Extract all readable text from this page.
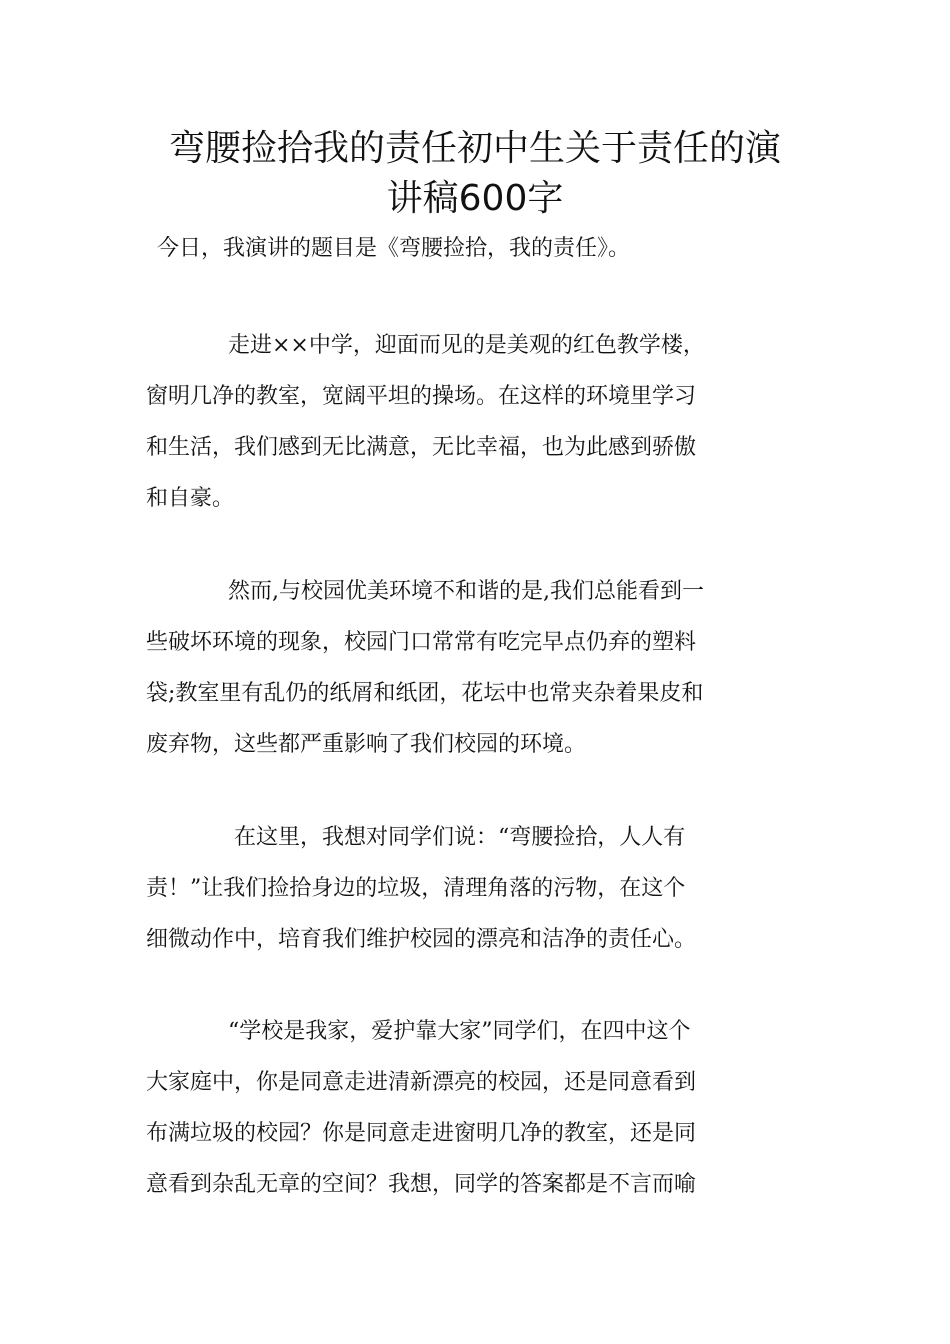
弯腰捡拾我的责任初中生关于责任的演
讲稿600字

今日，我演讲的题目是《弯腰捡拾，我的责任》。

走进××中学，迎面而见的是美观的红色教学楼，
窗明几净的教室，宽阔平坦的操场。在这样的环境里学习
和生活，我们感到无比满意，无比幸福，也为此感到骄傲
和自豪。
然而,与校园优美环境不和谐的是,我们总能看到一
些破坏环境的现象，校园门口常常有吃完早点仍弃的塑料
袋;教室里有乱仍的纸屑和纸团，花坛中也常夹杂着果皮和
废弃物，这些都严重影响了我们校园的环境。
在这里，我想对同学们说：“弯腰捡拾，人人有
责！”让我们捡拾身边的垃圾，清理角落的污物，在这个
细微动作中，培育我们维护校园的漂亮和洁净的责任心。
“学校是我家，爱护靠大家”同学们，在四中这个
大家庭中，你是同意走进清新漂亮的校园，还是同意看到
布满垃圾的校园？你是同意走进窗明几净的教室，还是同
意看到杂乱无章的空间？我想，同学的答案都是不言而喻
